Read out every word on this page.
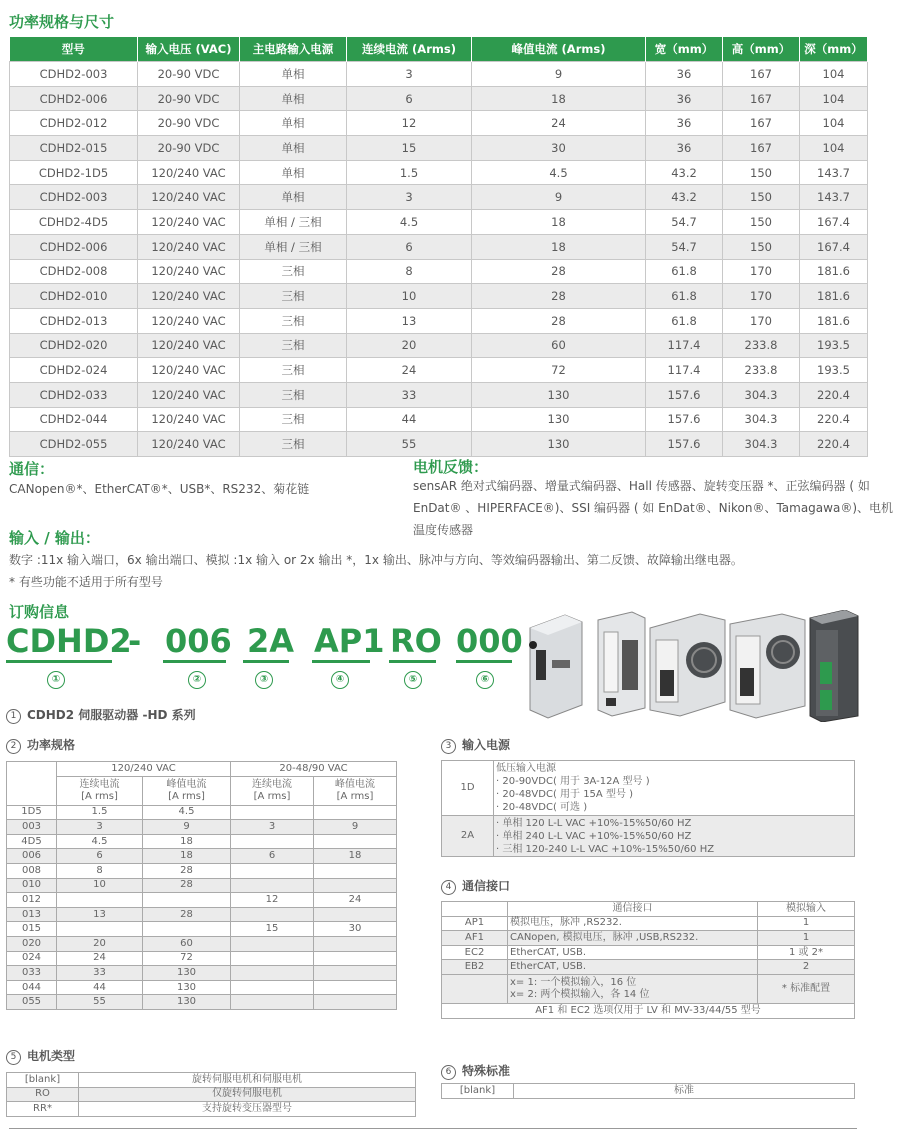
功率规格与尺寸
型号	输入电压 (VAC)	主电路输入电源	连续电流 (Arms)	峰值电流 (Arms)	宽（mm）	高（mm）	深（mm）
CDHD2-003	20-90 VDC	单相	3	9	36	167	104
CDHD2-006	20-90 VDC	单相	6	18	36	167	104
CDHD2-012	20-90 VDC	单相	12	24	36	167	104
CDHD2-015	20-90 VDC	单相	15	30	36	167	104
CDHD2-1D5	120/240 VAC	单相	1.5	4.5	43.2	150	143.7
CDHD2-003	120/240 VAC	单相	3	9	43.2	150	143.7
CDHD2-4D5	120/240 VAC	单相 / 三相	4.5	18	54.7	150	167.4
CDHD2-006	120/240 VAC	单相 / 三相	6	18	54.7	150	167.4
CDHD2-008	120/240 VAC	三相	8	28	61.8	170	181.6
CDHD2-010	120/240 VAC	三相	10	28	61.8	170	181.6
CDHD2-013	120/240 VAC	三相	13	28	61.8	170	181.6
CDHD2-020	120/240 VAC	三相	20	60	117.4	233.8	193.5
CDHD2-024	120/240 VAC	三相	24	72	117.4	233.8	193.5
CDHD2-033	120/240 VAC	三相	33	130	157.6	304.3	220.4
CDHD2-044	120/240 VAC	三相	44	130	157.6	304.3	220.4
CDHD2-055	120/240 VAC	三相	55	130	157.6	304.3	220.4
通信：

CANopen®*、EtherCAT®*、USB*、RS232、菊花链

电机反馈：

sensAR 绝对式编码器、增量式编码器、Hall 传感器、旋转变压器 *、正弦编码器 ( 如

EnDat® 、HIPERFACE®)、SSI 编码器 ( 如 EnDat®、Nikon®、Tamagawa®)、电机

温度传感器

输入 / 输出：

数字 :11x 输入端口，6x 输出端口、模拟 :1x 输入 or 2x 输出 *，1x 输出、脉冲与方向、等效编码器输出、第二反馈、故障输出继电器。

* 有些功能不适用于所有型号

订购信息
CDHD2
- 006 2A AP1 RO 000
①	②	③	④	⑤	⑥
1 CDHD2 伺服驱动器 -HD 系列
2 功率规格
	120/240 VAC		20-48/90 VAC	
	连续电流
[A rms]	峰值电流
[A rms]	连续电流
[A rms]	峰值电流
[A rms]
1D5	1.5	4.5		
003	3	9	3	9
4D5	4.5	18		
006	6	18	6	18
008	8	28		
010	10	28		
012			12	24
013	13	28		
015			15	30
020	20	60		
024	24	72		
033	33	130		
044	44	130		
055	55	130		
3 输入电源
1D	低压输入电源
· 20-90VDC( 用于 3A-12A 型号 )
· 20-48VDC( 用于 15A 型号 )
· 20-48VDC( 可选 )
2A	· 单相 120 L-L VAC +10%-15%50/60 HZ
· 单相 240 L-L VAC +10%-15%50/60 HZ
· 三相 120-240 L-L VAC +10%-15%50/60 HZ
4 通信接口
	通信接口	模拟输入
AP1	模拟电压，脉冲 ,RS232.	1
AF1	CANopen, 模拟电压，脉冲 ,USB,RS232.	1
EC2	EtherCAT, USB.	1 或 2*
EB2	EtherCAT, USB.	2
	x= 1: 一个模拟输入，16 位
x= 2: 两个模拟输入，各 14 位	* 标准配置
AF1 和 EC2 选项仅用于 LV 和 MV-33/44/55 型号		
5 电机类型
[blank]	旋转伺服电机和伺服电机
RO	仅旋转伺服电机
RR*	支持旋转变压器型号
6 特殊标准
[blank]	标准
